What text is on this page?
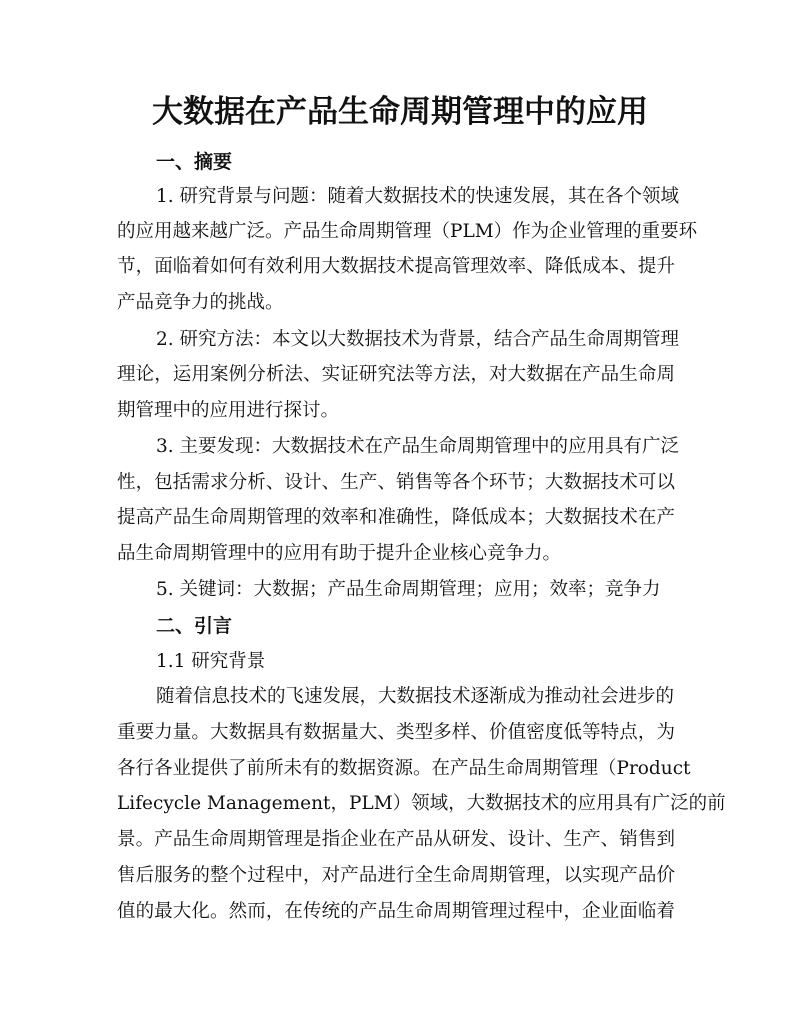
大数据在产品生命周期管理中的应用
一、摘要
1. 研究背景与问题：随着大数据技术的快速发展，其在各个领域
的应用越来越广泛。产品生命周期管理（PLM）作为企业管理的重要环
节，面临着如何有效利用大数据技术提高管理效率、降低成本、提升
产品竞争力的挑战。
2. 研究方法：本文以大数据技术为背景，结合产品生命周期管理
理论，运用案例分析法、实证研究法等方法，对大数据在产品生命周
期管理中的应用进行探讨。
3. 主要发现：大数据技术在产品生命周期管理中的应用具有广泛
性，包括需求分析、设计、生产、销售等各个环节；大数据技术可以
提高产品生命周期管理的效率和准确性，降低成本；大数据技术在产
品生命周期管理中的应用有助于提升企业核心竞争力。
5. 关键词：大数据；产品生命周期管理；应用；效率；竞争力
二、引言
1.1 研究背景
随着信息技术的飞速发展，大数据技术逐渐成为推动社会进步的
重要力量。大数据具有数据量大、类型多样、价值密度低等特点，为
各行各业提供了前所未有的数据资源。在产品生命周期管理（Product
Lifecycle Management，PLM）领域，大数据技术的应用具有广泛的前
景。产品生命周期管理是指企业在产品从研发、设计、生产、销售到
售后服务的整个过程中，对产品进行全生命周期管理，以实现产品价
值的最大化。然而，在传统的产品生命周期管理过程中，企业面临着
